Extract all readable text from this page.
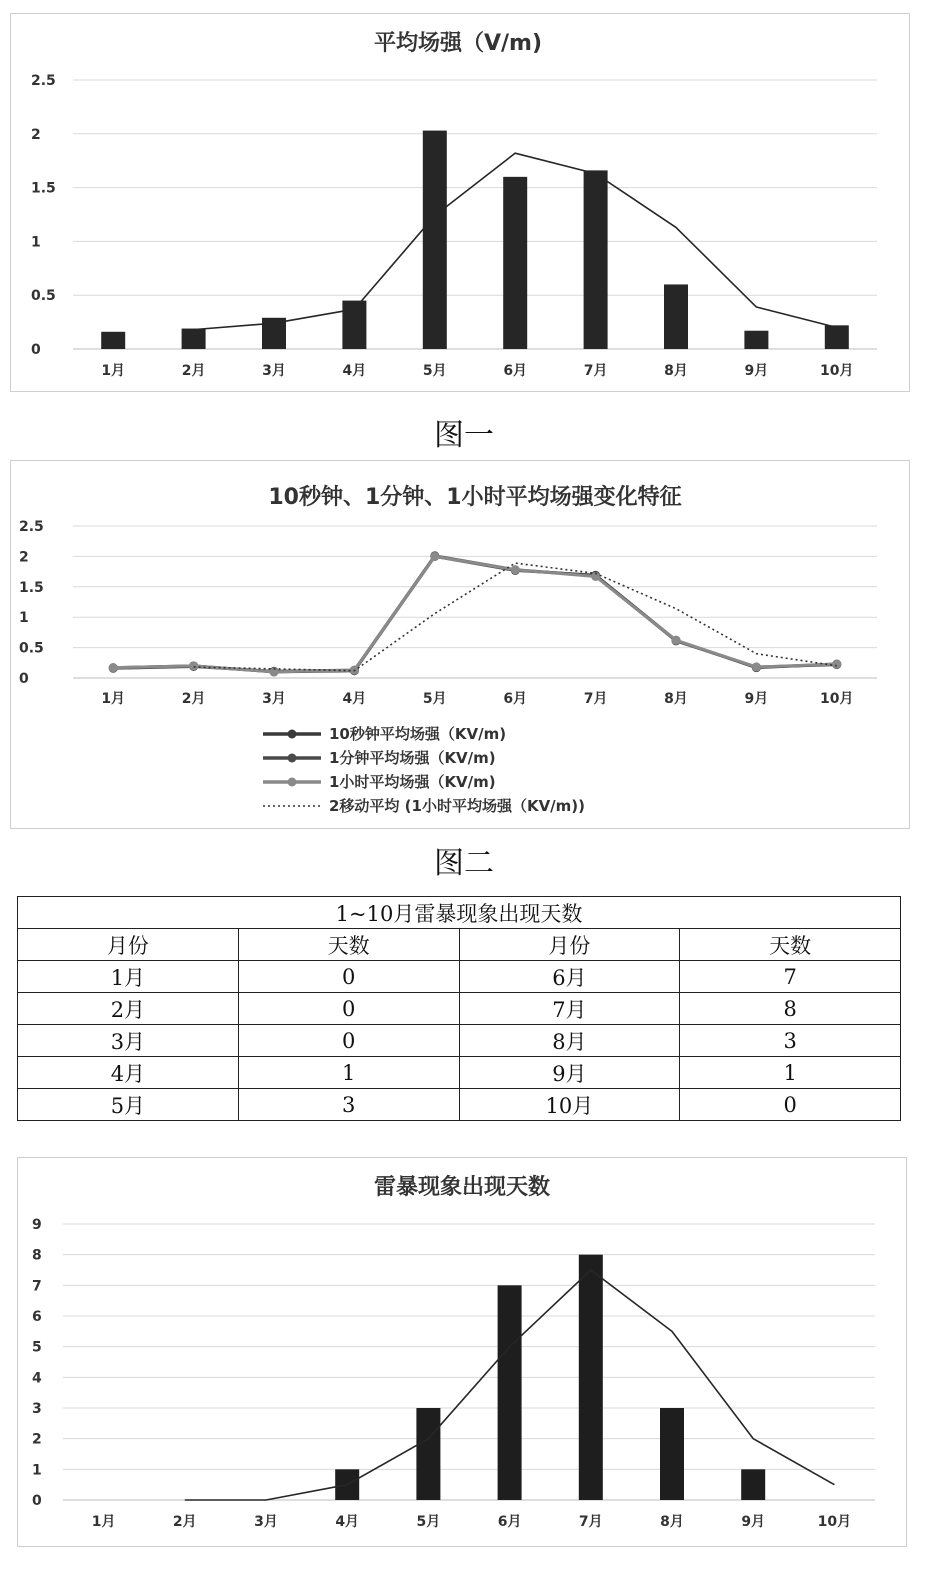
平均场强（V/m)
0
0.5
1
1.5
2
2.5
1月	2月	3月	4月	5月	6月	7月	8月	9月	10月
图一
10秒钟、1分钟、1小时平均场强变化特征
0
0.5
1
1.5
2
2.5
1月	2月	3月	4月	5月	6月	7月	8月	9月	10月
10秒钟平均场强（KV/m)
1分钟平均场强（KV/m)
1小时平均场强（KV/m)
2移动平均 (1小时平均场强（KV/m))
图二
1~10月雷暴现象出现天数			
月份	天数	月份	天数
1月	0	6月	7
2月	0	7月	8
3月	0	8月	3
4月	1	9月	1
5月	3	10月	0
雷暴现象出现天数
0
1
2
3
4
5
6
7
8
9
1月	2月	3月	4月	5月	6月	7月	8月	9月	10月
